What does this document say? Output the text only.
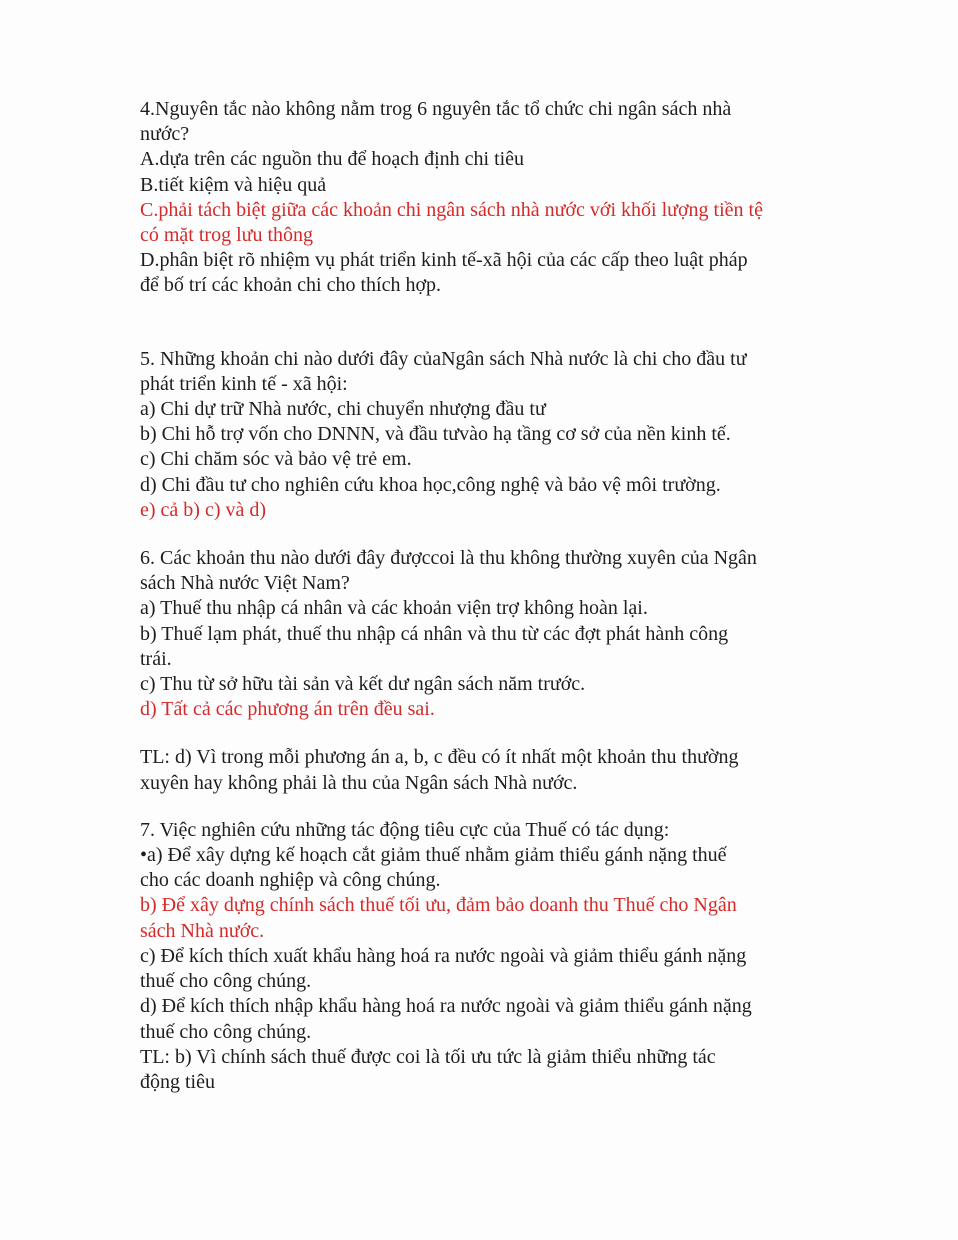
4.Nguyên tắc nào không nằm trog 6 nguyên tắc tổ chức chi ngân sách nhà

nước?

A.dựa trên các nguồn thu để hoạch định chi tiêu

B.tiết kiệm và hiệu quả

C.phải tách biệt giữa các khoản chi ngân sách nhà nước với khối lượng tiền tệ

có mặt trog lưu thông

D.phân biệt rõ nhiệm vụ phát triển kinh tế-xã hội của các cấp theo luật pháp

để bố trí các khoản chi cho thích hợp.

5. Những khoản chi nào dưới đây củaNgân sách Nhà nước là chi cho đầu tư

phát triển kinh tế - xã hội:

a) Chi dự trữ Nhà nước, chi chuyển nhượng đầu tư

b) Chi hỗ trợ vốn cho DNNN, và đầu tưvào hạ tầng cơ sở của nền kinh tế.

c) Chi chăm sóc và bảo vệ trẻ em.

d) Chi đầu tư cho nghiên cứu khoa học,công nghệ và bảo vệ môi trường.

e) cả b) c) và d)

6. Các khoản thu nào dưới đây đượccoi là thu không thường xuyên của Ngân

sách Nhà nước Việt Nam?

a) Thuế thu nhập cá nhân và các khoản viện trợ không hoàn lại.

b) Thuế lạm phát, thuế thu nhập cá nhân và thu từ các đợt phát hành công

trái.

c) Thu từ sở hữu tài sản và kết dư ngân sách năm trước.

d) Tất cả các phương án trên đều sai.

TL: d) Vì trong mỗi phương án a, b, c đều có ít nhất một khoản thu thường

xuyên hay không phải là thu của Ngân sách Nhà nước.

7. Việc nghiên cứu những tác động tiêu cực của Thuế có tác dụng:

•a) Để xây dựng kế hoạch cắt giảm thuế nhằm giảm thiểu gánh nặng thuế

cho các doanh nghiệp và công chúng.

b) Để xây dựng chính sách thuế tối ưu, đảm bảo doanh thu Thuế cho Ngân

sách Nhà nước.

c) Để kích thích xuất khẩu hàng hoá ra nước ngoài và giảm thiểu gánh nặng

thuế cho công chúng.

d) Để kích thích nhập khẩu hàng hoá ra nước ngoài và giảm thiểu gánh nặng

thuế cho công chúng.

TL: b) Vì chính sách thuế được coi là tối ưu tức là giảm thiểu những tác

động tiêu
